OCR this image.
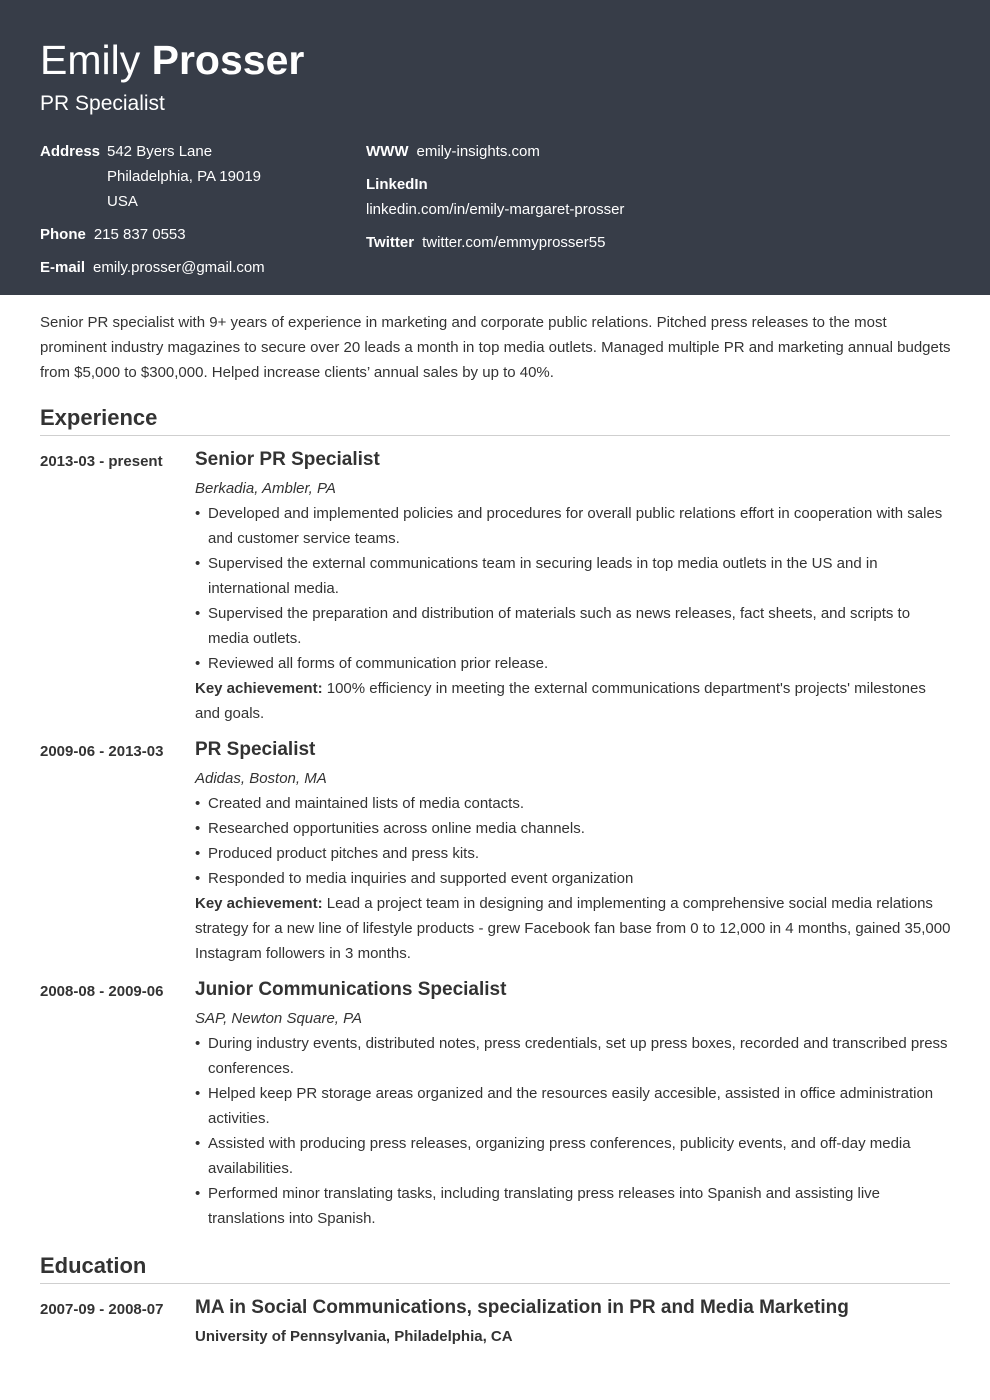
Emily Prosser
PR Specialist
Address 542 Byers Lane
Philadelphia, PA 19019
USA
Phone 215 837 0553
E-mail emily.prosser@gmail.com
WWW emily-insights.com
LinkedIn
linkedin.com/in/emily-margaret-prosser
Twitter twitter.com/emmyprosser55
Senior PR specialist with 9+ years of experience in marketing and corporate public relations. Pitched press releases to the most prominent industry magazines to secure over 20 leads a month in top media outlets. Managed multiple PR and marketing annual budgets from $5,000 to $300,000. Helped increase clients’ annual sales by up to 40%.
Experience
2013-03 - present	Senior PR Specialist
Berkadia, Ambler, PA
• Developed and implemented policies and procedures for overall public relations effort in cooperation with sales and customer service teams.
• Supervised the external communications team in securing leads in top media outlets in the US and in international media.
• Supervised the preparation and distribution of materials such as news releases, fact sheets, and scripts to media outlets.
• Reviewed all forms of communication prior release.
Key achievement: 100% efficiency in meeting the external communications department's projects' milestones and goals.
2009-06 - 2013-03	PR Specialist
Adidas, Boston, MA
• Created and maintained lists of media contacts.
• Researched opportunities across online media channels.
• Produced product pitches and press kits.
• Responded to media inquiries and supported event organization
Key achievement: Lead a project team in designing and implementing a comprehensive social media relations strategy for a new line of lifestyle products - grew Facebook fan base from 0 to 12,000 in 4 months, gained 35,000 Instagram followers in 3 months.
2008-08 - 2009-06	Junior Communications Specialist
SAP, Newton Square, PA
• During industry events, distributed notes, press credentials, set up press boxes, recorded and transcribed press conferences.
• Helped keep PR storage areas organized and the resources easily accesible, assisted in office administration activities.
• Assisted with producing press releases, organizing press conferences, publicity events, and off-day media availabilities.
• Performed minor translating tasks, including translating press releases into Spanish and assisting live translations into Spanish.
Education
2007-09 - 2008-07	MA in Social Communications, specialization in PR and Media Marketing
University of Pennsylvania, Philadelphia, CA
